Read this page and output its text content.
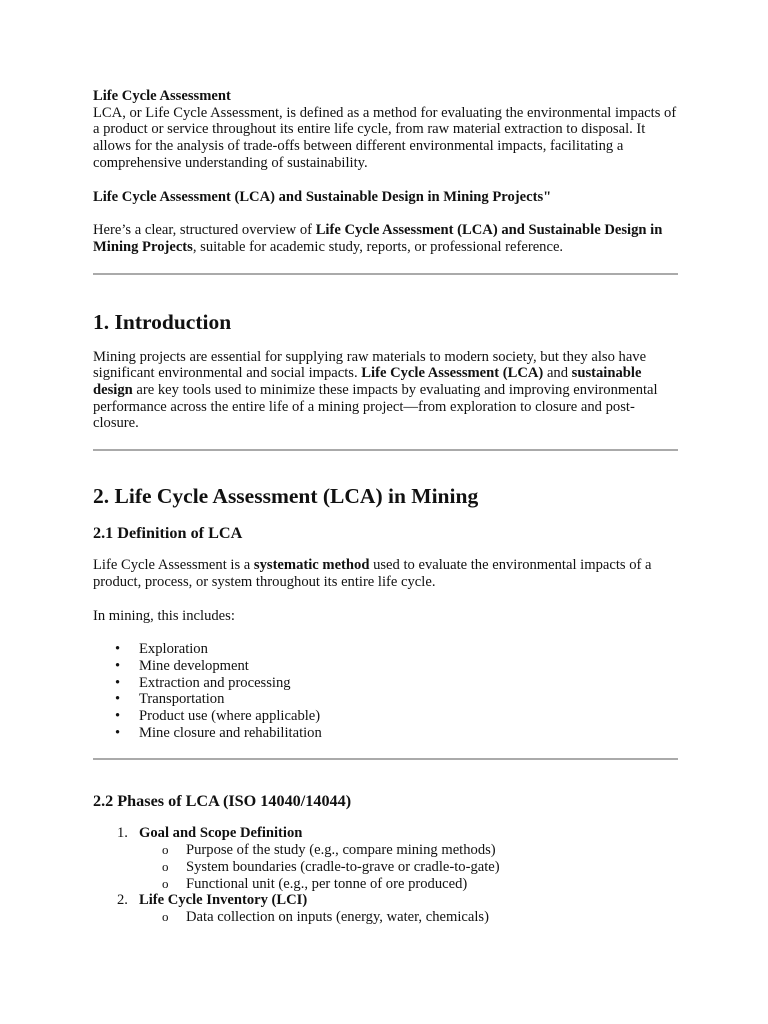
Life Cycle Assessment

LCA, or Life Cycle Assessment, is defined as a method for evaluating the environmental impacts of a product or service throughout its entire life cycle, from raw material extraction to disposal. It allows for the analysis of trade-offs between different environmental impacts, facilitating a comprehensive understanding of sustainability.

Life Cycle Assessment (LCA) and Sustainable Design in Mining Projects"

Here’s a clear, structured overview of Life Cycle Assessment (LCA) and Sustainable Design in Mining Projects, suitable for academic study, reports, or professional reference.

1. Introduction

Mining projects are essential for supplying raw materials to modern society, but they also have significant environmental and social impacts. Life Cycle Assessment (LCA) and sustainable design are key tools used to minimize these impacts by evaluating and improving environmental performance across the entire life of a mining project—from exploration to closure and post-closure.

2. Life Cycle Assessment (LCA) in Mining
2.1 Definition of LCA

Life Cycle Assessment is a systematic method used to evaluate the environmental impacts of a product, process, or system throughout its entire life cycle.

In mining, this includes:

• Exploration
• Mine development
• Extraction and processing
• Transportation
• Product use (where applicable)
• Mine closure and rehabilitation
2.2 Phases of LCA (ISO 14040/14044)
1. Goal and Scope Definition
o Purpose of the study (e.g., compare mining methods)
o System boundaries (cradle-to-grave or cradle-to-gate)
o Functional unit (e.g., per tonne of ore produced)
2. Life Cycle Inventory (LCI)
o Data collection on inputs (energy, water, chemicals)
